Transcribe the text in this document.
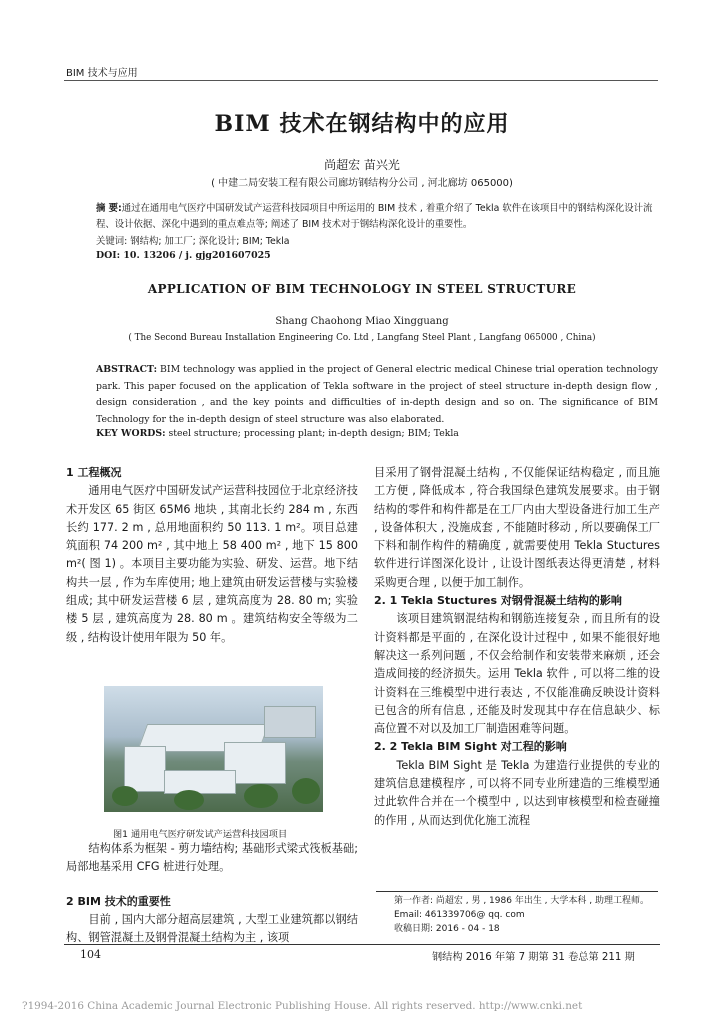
BIM 技术与应用
BIM 技术在钢结构中的应用
尚超宏 苗兴光
( 中建二局安装工程有限公司廊坊钢结构分公司 , 河北廊坊 065000)
摘 要:通过在通用电气医疗中国研发试产运营科技园项目中所运用的 BIM 技术 , 着重介绍了 Tekla 软件在该项目中的钢结构深化设计流程、设计依据、深化中遇到的重点难点等; 阐述了 BIM 技术对于钢结构深化设计的重要性。
关键词: 钢结构; 加工厂; 深化设计; BIM; Tekla
DOI: 10. 13206 / j. gjg201607025
APPLICATION OF BIM TECHNOLOGY IN STEEL STRUCTURE
Shang Chaohong Miao Xingguang
( The Second Bureau Installation Engineering Co. Ltd , Langfang Steel Plant , Langfang 065000 , China)
ABSTRACT: BIM technology was applied in the project of General electric medical Chinese trial operation technology park. This paper focused on the application of Tekla software in the project of steel structure in-depth design flow , design consideration , and the key points and difficulties of in-depth design and so on. The significance of BIM Technology for the in-depth design of steel structure was also elaborated.
KEY WORDS: steel structure; processing plant; in-depth design; BIM; Tekla
1 工程概况
通用电气医疗中国研发试产运营科技园位于北京经济技术开发区 65 街区 65M6 地块 , 其南北长约 284 m , 东西长约 177. 2 m , 总用地面积约 50 113. 1 m²。项目总建筑面积 74 200 m² , 其中地上 58 400 m² , 地下 15 800 m²( 图 1) 。本项目主要功能为实验、研发、运营。地下结构共一层 , 作为车库使用; 地上建筑由研发运营楼与实验楼组成; 其中研发运营楼 6 层 , 建筑高度为 28. 80 m; 实验楼 5 层 , 建筑高度为 28. 80 m 。建筑结构安全等级为二级 , 结构设计使用年限为 50 年。
图1 通用电气医疗研发试产运营科技园项目
结构体系为框架 - 剪力墙结构; 基础形式梁式筏板基础; 局部地基采用 CFG 桩进行处理。
2 BIM 技术的重要性
目前 , 国内大部分超高层建筑 , 大型工业建筑都以钢结构、钢管混凝土及钢骨混凝土结构为主 , 该项
目采用了钢骨混凝土结构 , 不仅能保证结构稳定 , 而且施工方便 , 降低成本 , 符合我国绿色建筑发展要求。由于钢结构的零件和构件都是在工厂内由大型设备进行加工生产 , 设备体积大 , 没施成套 , 不能随时移动 , 所以要确保工厂下料和制作构件的精确度 , 就需要使用 Tekla Stuctures 软件进行详图深化设计 , 让设计图纸表达得更清楚 , 材料采购更合理 , 以便于加工制作。
2. 1 Tekla Stuctures 对钢骨混凝土结构的影响
该项目建筑钢混结构和钢筋连接复杂 , 而且所有的设计资料都是平面的 , 在深化设计过程中 , 如果不能很好地解决这一系列问题 , 不仅会给制作和安装带来麻烦 , 还会造成间接的经济损失。运用 Tekla 软件 , 可以将二维的设计资料在三维模型中进行表达 , 不仅能准确反映设计资料已包含的所有信息 , 还能及时发现其中存在信息缺少、标高位置不对以及加工厂制造困难等问题。
2. 2 Tekla BIM Sight 对工程的影响
Tekla BIM Sight 是 Tekla 为建造行业提供的专业的建筑信息建模程序 , 可以将不同专业所建造的三维模型通过此软件合并在一个模型中 , 以达到审核模型和检查碰撞的作用 , 从而达到优化施工流程
第一作者: 尚超宏 , 男 , 1986 年出生 , 大学本科 , 助理工程师。
Email: 461339706@ qq. com
收稿日期: 2016 - 04 - 18
104	钢结构 2016 年第 7 期第 31 卷总第 211 期
?1994-2016 China Academic Journal Electronic Publishing House. All rights reserved. http://www.cnki.net
